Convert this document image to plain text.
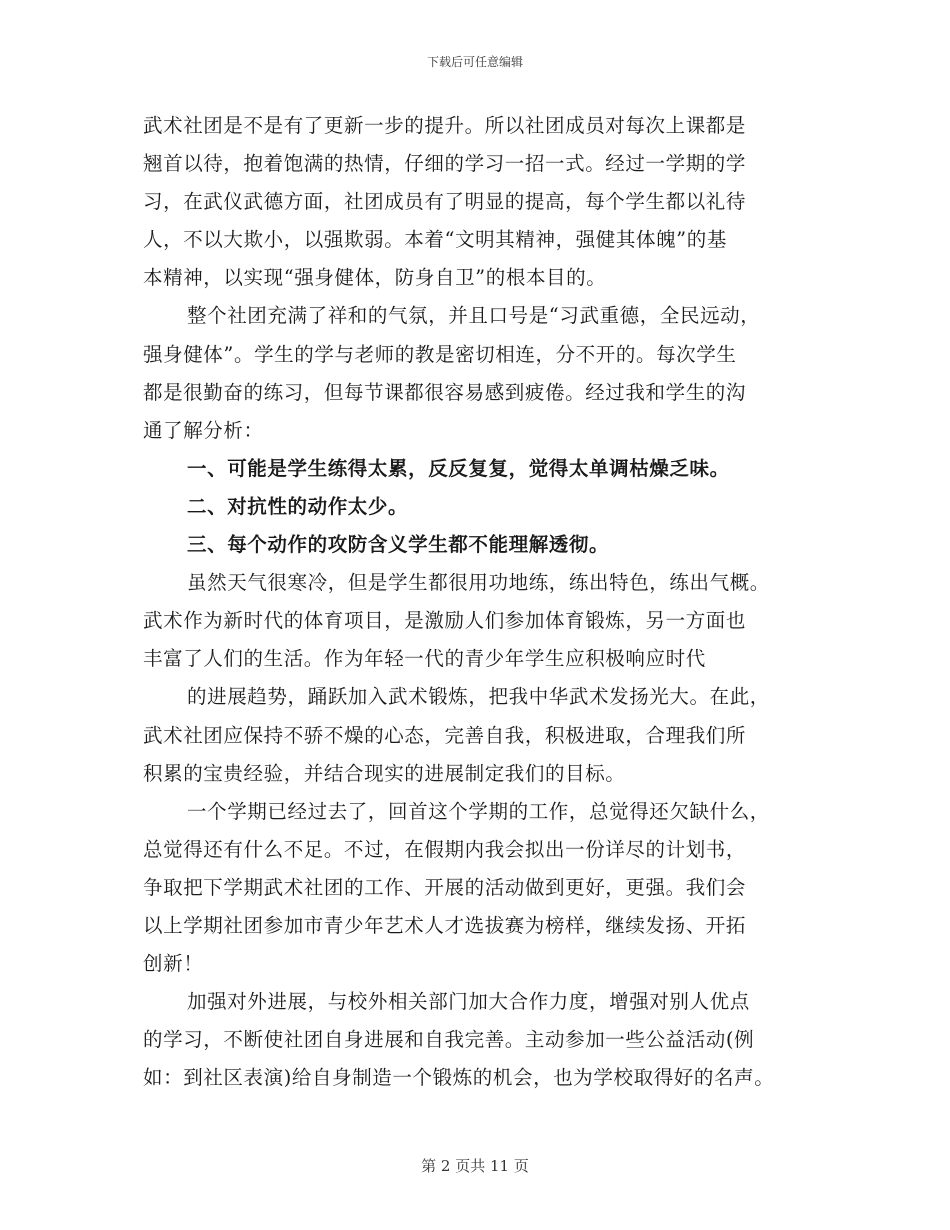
下载后可任意编辑
武术社团是不是有了更新一步的提升。所以社团成员对每次上课都是
翘首以待，抱着饱满的热情，仔细的学习一招一式。经过一学期的学
习，在武仪武德方面，社团成员有了明显的提高，每个学生都以礼待
人，不以大欺小，以强欺弱。本着“文明其精神，强健其体魄”的基
本精神，以实现“强身健体，防身自卫”的根本目的。
整个社团充满了祥和的气氛，并且口号是“习武重德，全民远动，
强身健体”。学生的学与老师的教是密切相连，分不开的。每次学生
都是很勤奋的练习，但每节课都很容易感到疲倦。经过我和学生的沟
通了解分析：
一、可能是学生练得太累，反反复复，觉得太单调枯燥乏味。
二、对抗性的动作太少。
三、每个动作的攻防含义学生都不能理解透彻。
虽然天气很寒冷，但是学生都很用功地练，练出特色，练出气概。
武术作为新时代的体育项目，是激励人们参加体育锻炼，另一方面也
丰富了人们的生活。作为年轻一代的青少年学生应积极响应时代
的进展趋势，踊跃加入武术锻炼，把我中华武术发扬光大。在此，
武术社团应保持不骄不燥的心态，完善自我，积极进取，合理我们所
积累的宝贵经验，并结合现实的进展制定我们的目标。
一个学期已经过去了，回首这个学期的工作，总觉得还欠缺什么，
总觉得还有什么不足。不过，在假期内我会拟出一份详尽的计划书，
争取把下学期武术社团的工作、开展的活动做到更好，更强。我们会
以上学期社团参加市青少年艺术人才选拔赛为榜样，继续发扬、开拓
创新！
加强对外进展，与校外相关部门加大合作力度，增强对别人优点
的学习，不断使社团自身进展和自我完善。主动参加一些公益活动(例
如：到社区表演)给自身制造一个锻炼的机会，也为学校取得好的名声。
第 2 页共 11 页
